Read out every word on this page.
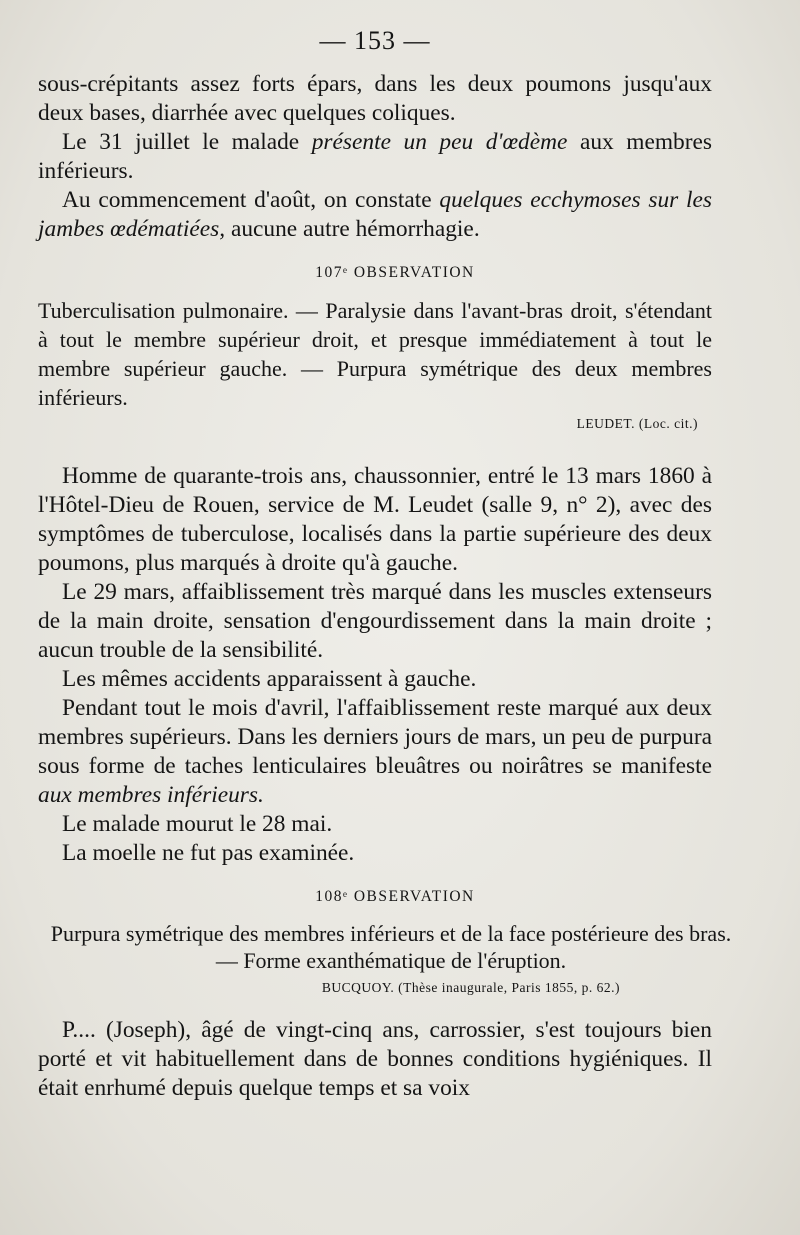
— 153 —

sous-crépitants assez forts épars, dans les deux poumons jusqu'aux deux bases, diarrhée avec quelques coliques.

Le 31 juillet le malade présente un peu d'œdème aux membres inférieurs.

Au commencement d'août, on constate quelques ecchymoses sur les jambes œdématiées, aucune autre hémorrhagie.

107ᵉ OBSERVATION

Tuberculisation pulmonaire. — Paralysie dans l'avant-bras droit, s'étendant à tout le membre supérieur droit, et presque immédiatement à tout le membre supérieur gauche. — Purpura symétrique des deux membres inférieurs.

LEUDET. (Loc. cit.)

Homme de quarante-trois ans, chaussonnier, entré le 13 mars 1860 à l'Hôtel-Dieu de Rouen, service de M. Leudet (salle 9, n° 2), avec des symptômes de tuberculose, localisés dans la partie supérieure des deux poumons, plus marqués à droite qu'à gauche.

Le 29 mars, affaiblissement très marqué dans les muscles extenseurs de la main droite, sensation d'engourdissement dans la main droite ; aucun trouble de la sensibilité.

Les mêmes accidents apparaissent à gauche.

Pendant tout le mois d'avril, l'affaiblissement reste marqué aux deux membres supérieurs. Dans les derniers jours de mars, un peu de purpura sous forme de taches lenticulaires bleuâtres ou noirâtres se manifeste aux membres inférieurs.

Le malade mourut le 28 mai.

La moelle ne fut pas examinée.

108ᵉ OBSERVATION

Purpura symétrique des membres inférieurs et de la face postérieure des bras. — Forme exanthématique de l'éruption.

BUCQUOY. (Thèse inaugurale, Paris 1855, p. 62.)

P.... (Joseph), âgé de vingt-cinq ans, carrossier, s'est toujours bien porté et vit habituellement dans de bonnes conditions hygiéniques. Il était enrhumé depuis quelque temps et sa voix
